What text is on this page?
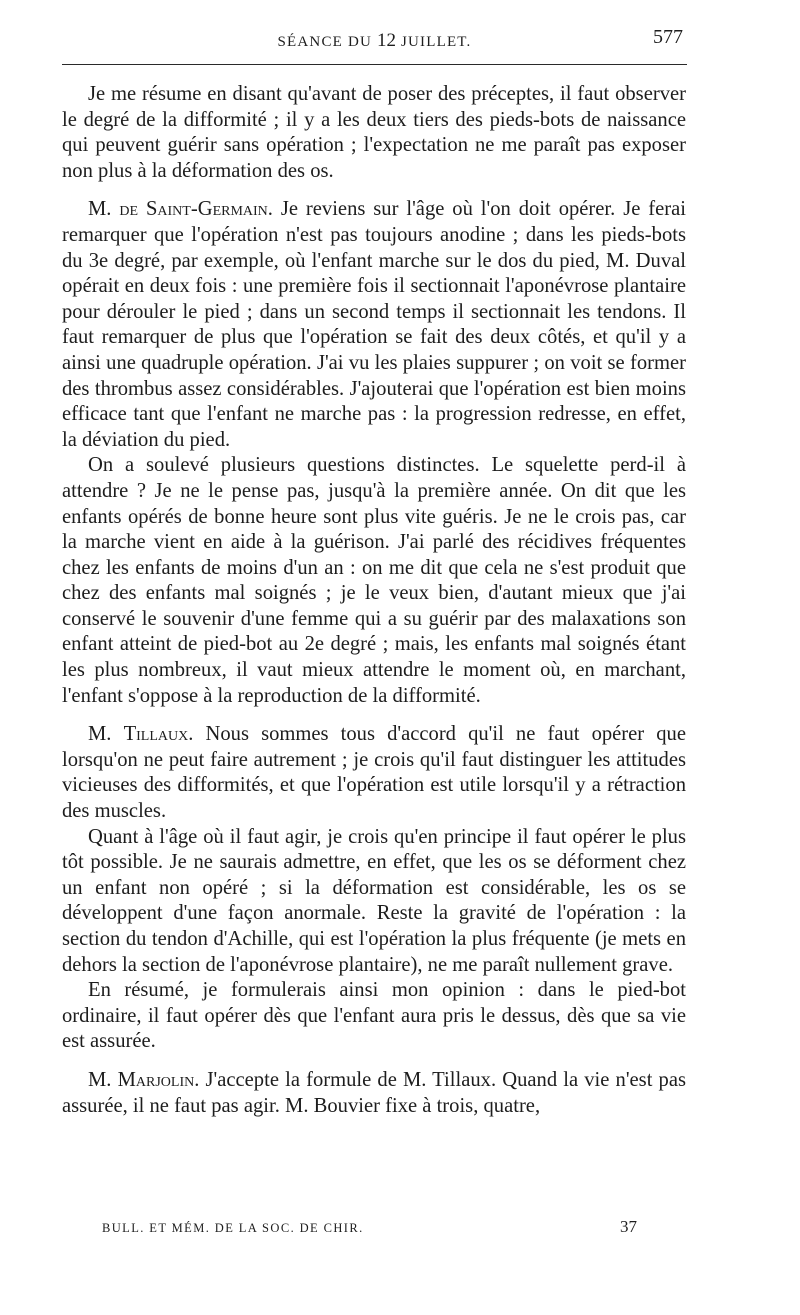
SÉANCE DU 12 JUILLET.	577

Je me résume en disant qu'avant de poser des préceptes, il faut observer le degré de la difformité ; il y a les deux tiers des pieds-bots de naissance qui peuvent guérir sans opération ; l'expectation ne me paraît pas exposer non plus à la déformation des os.

M. de Saint-Germain. Je reviens sur l'âge où l'on doit opérer. Je ferai remarquer que l'opération n'est pas toujours anodine ; dans les pieds-bots du 3e degré, par exemple, où l'enfant marche sur le dos du pied, M. Duval opérait en deux fois : une première fois il sectionnait l'aponévrose plantaire pour dérouler le pied ; dans un second temps il sectionnait les tendons. Il faut remarquer de plus que l'opération se fait des deux côtés, et qu'il y a ainsi une quadruple opération. J'ai vu les plaies suppurer ; on voit se former des thrombus assez considérables. J'ajouterai que l'opération est bien moins efficace tant que l'enfant ne marche pas : la progression redresse, en effet, la déviation du pied.

On a soulevé plusieurs questions distinctes. Le squelette perd-il à attendre ? Je ne le pense pas, jusqu'à la première année. On dit que les enfants opérés de bonne heure sont plus vite guéris. Je ne le crois pas, car la marche vient en aide à la guérison. J'ai parlé des récidives fréquentes chez les enfants de moins d'un an : on me dit que cela ne s'est produit que chez des enfants mal soignés ; je le veux bien, d'autant mieux que j'ai conservé le souvenir d'une femme qui a su guérir par des malaxations son enfant atteint de pied-bot au 2e degré ; mais, les enfants mal soignés étant les plus nombreux, il vaut mieux attendre le moment où, en marchant, l'enfant s'oppose à la reproduction de la difformité.

M. Tillaux. Nous sommes tous d'accord qu'il ne faut opérer que lorsqu'on ne peut faire autrement ; je crois qu'il faut distinguer les attitudes vicieuses des difformités, et que l'opération est utile lorsqu'il y a rétraction des muscles.

Quant à l'âge où il faut agir, je crois qu'en principe il faut opérer le plus tôt possible. Je ne saurais admettre, en effet, que les os se déforment chez un enfant non opéré ; si la déformation est considérable, les os se développent d'une façon anormale. Reste la gravité de l'opération : la section du tendon d'Achille, qui est l'opération la plus fréquente (je mets en dehors la section de l'aponévrose plantaire), ne me paraît nullement grave.

En résumé, je formulerais ainsi mon opinion : dans le pied-bot ordinaire, il faut opérer dès que l'enfant aura pris le dessus, dès que sa vie est assurée.

M. Marjolin. J'accepte la formule de M. Tillaux. Quand la vie n'est pas assurée, il ne faut pas agir. M. Bouvier fixe à trois, quatre,

BULL. ET MÉM. DE LA SOC. DE CHIR.	37
